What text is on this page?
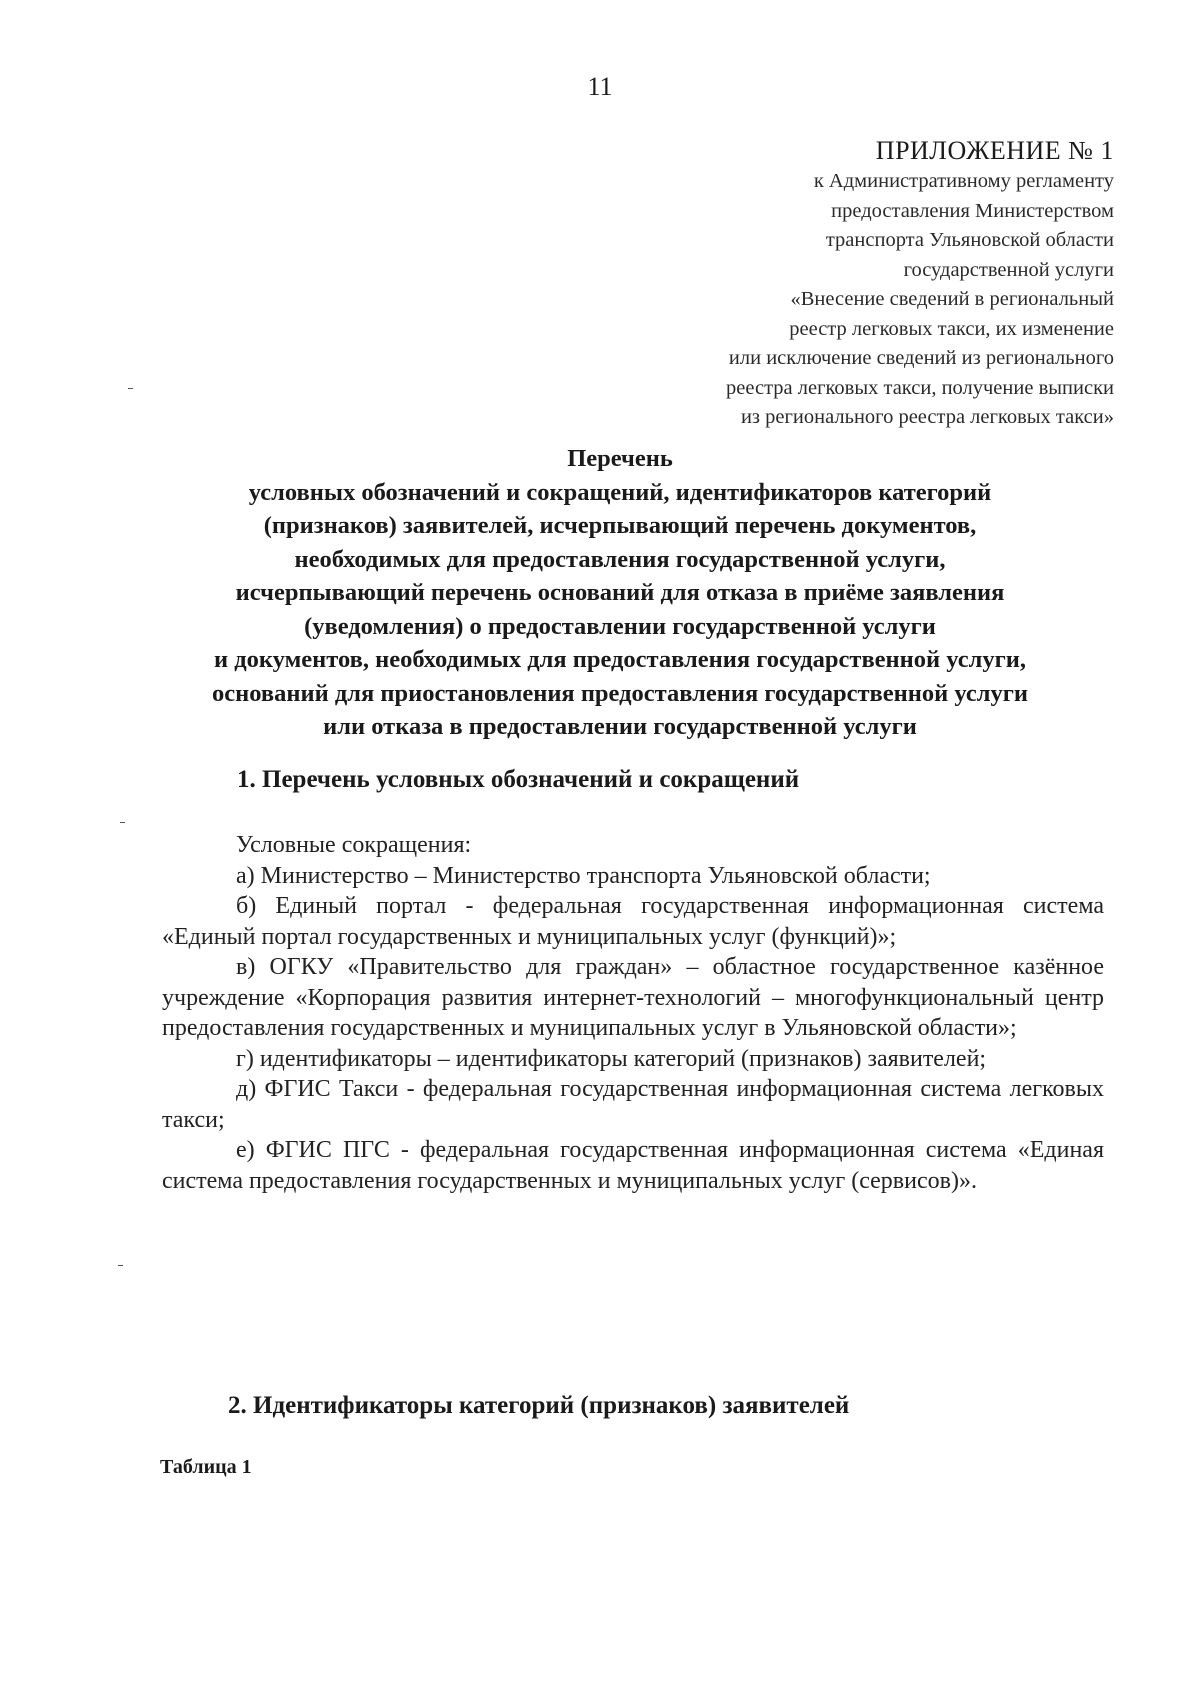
11
ПРИЛОЖЕНИЕ № 1
к Административному регламенту
предоставления Министерством
транспорта Ульяновской области
государственной услуги
«Внесение сведений в региональный
реестр легковых такси, их изменение
или исключение сведений из регионального
реестра легковых такси, получение выписки
из регионального реестра легковых такси»
Перечень
условных обозначений и сокращений, идентификаторов категорий
(признаков) заявителей, исчерпывающий перечень документов,
необходимых для предоставления государственной услуги,
исчерпывающий перечень оснований для отказа в приёме заявления
(уведомления) о предоставлении государственной услуги
и документов, необходимых для предоставления государственной услуги,
оснований для приостановления предоставления государственной услуги
или отказа в предоставлении государственной услуги
1. Перечень условных обозначений и сокращений

Условные сокращения:

а) Министерство – Министерство транспорта Ульяновской области;

б) Единый портал - федеральная государственная информационная система «Единый портал государственных и муниципальных услуг (функций)»;

в) ОГКУ «Правительство для граждан» – областное государственное казённое учреждение «Корпорация развития интернет-технологий – многофункциональный центр предоставления государственных и муниципальных услуг в Ульяновской области»;

г) идентификаторы – идентификаторы категорий (признаков) заявителей;

д) ФГИС Такси - федеральная государственная информационная система легковых такси;

е) ФГИС ПГС - федеральная государственная информационная система «Единая система предоставления государственных и муниципальных услуг (сервисов)».

2. Идентификаторы категорий (признаков) заявителей
Таблица 1
